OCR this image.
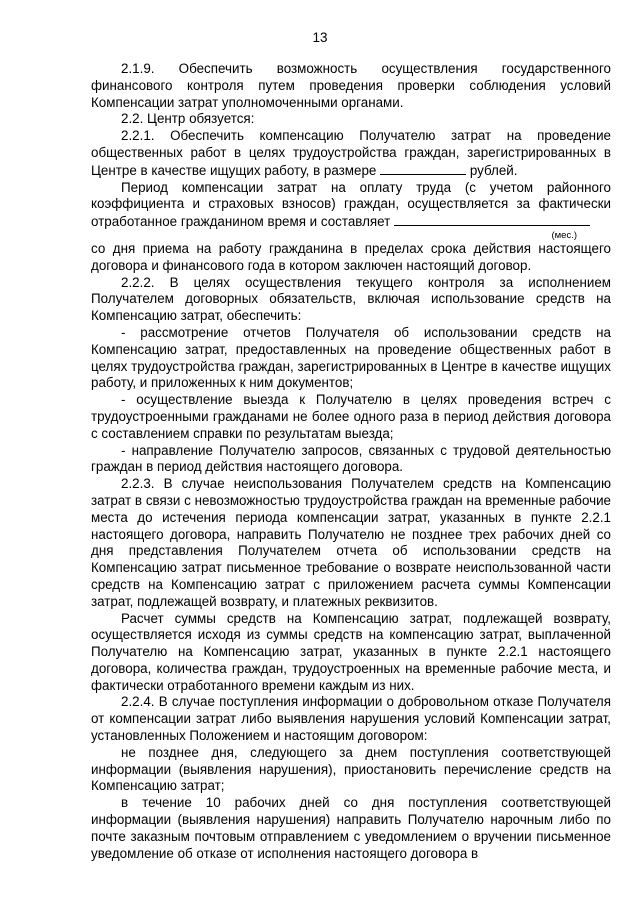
13

2.1.9. Обеспечить возможность осуществления государственного финансового контроля путем проведения проверки соблюдения условий Компенсации затрат уполномоченными органами.

2.2. Центр обязуется:

2.2.1. Обеспечить компенсацию Получателю затрат на проведение общественных работ в целях трудоустройства граждан, зарегистрированных в Центре в качестве ищущих работу, в размере	рублей.

Период компенсации затрат на оплату труда (с учетом районного коэффициента и страховых взносов) граждан, осуществляется за фактически отработанное гражданином время и составляет

(мес.)

со дня приема на работу гражданина в пределах срока действия настоящего договора и финансового года в котором заключен настоящий договор.

2.2.2. В целях осуществления текущего контроля за исполнением Получателем договорных обязательств, включая использование средств на Компенсацию затрат, обеспечить:

- рассмотрение отчетов Получателя об использовании средств на Компенсацию затрат, предоставленных на проведение общественных работ в целях трудоустройства граждан, зарегистрированных в Центре в качестве ищущих работу, и приложенных к ним документов;

- осуществление выезда к Получателю в целях проведения встреч с трудоустроенными гражданами не более одного раза в период действия договора с составлением справки по результатам выезда;

- направление Получателю запросов, связанных с трудовой деятельностью граждан в период действия настоящего договора.

2.2.3. В случае неиспользования Получателем средств на Компенсацию затрат в связи с невозможностью трудоустройства граждан на временные рабочие места до истечения периода компенсации затрат, указанных в пункте 2.2.1 настоящего договора, направить Получателю не позднее трех рабочих дней со дня представления Получателем отчета об использовании средств на Компенсацию затрат письменное требование о возврате неиспользованной части средств на Компенсацию затрат с приложением расчета суммы Компенсации затрат, подлежащей возврату, и платежных реквизитов.

Расчет суммы средств на Компенсацию затрат, подлежащей возврату, осуществляется исходя из суммы средств на компенсацию затрат, выплаченной Получателю на Компенсацию затрат, указанных в пункте 2.2.1 настоящего договора, количества граждан, трудоустроенных на временные рабочие места, и фактически отработанного времени каждым из них.

2.2.4. В случае поступления информации о добровольном отказе Получателя от компенсации затрат либо выявления нарушения условий Компенсации затрат, установленных Положением и настоящим договором:

не позднее дня, следующего за днем поступления соответствующей информации (выявления нарушения), приостановить перечисление средств на Компенсацию затрат;

в течение 10 рабочих дней со дня поступления соответствующей информации (выявления нарушения) направить Получателю нарочным либо по почте заказным почтовым отправлением с уведомлением о вручении письменное уведомление об отказе от исполнения настоящего договора в
